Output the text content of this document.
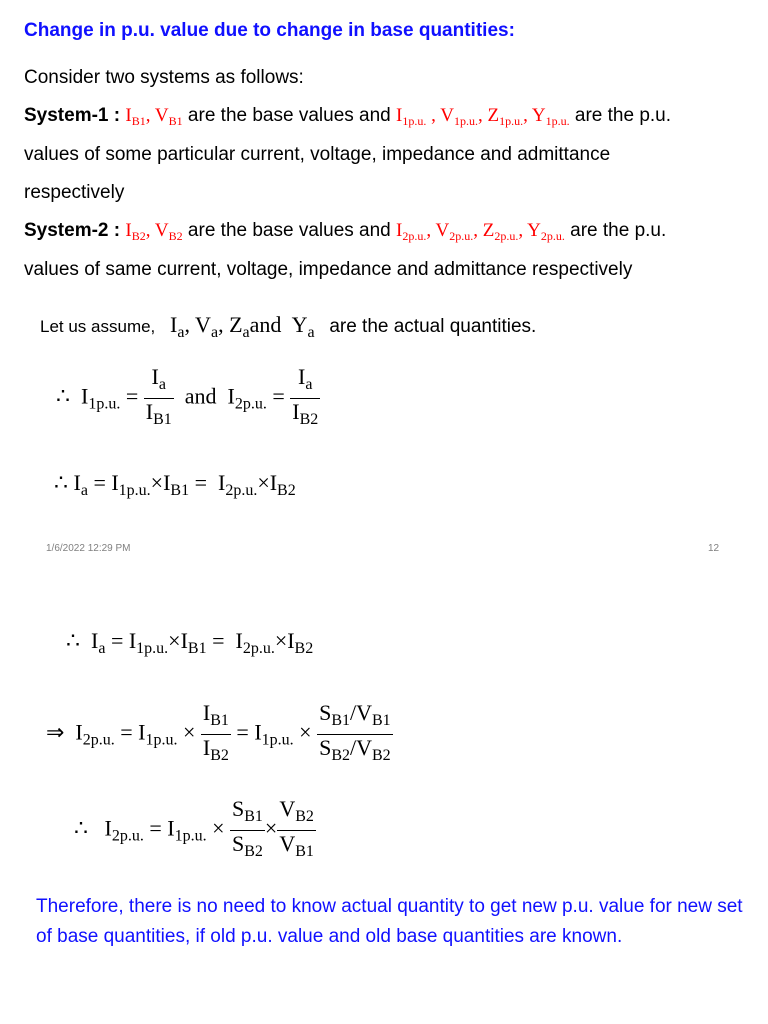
Change in p.u. value due to change in base quantities:
Consider two systems as follows:
System-1 : $I_{B1}$, $V_{B1}$ are the base values and $I_{1p.u.}$ , $V_{1p.u.}$, $Z_{1p.u.}$, $Y_{1p.u.}$ are the p.u.
values of some particular current, voltage, impedance and admittance
respectively
System-2 : $I_{B2}$, $V_{B2}$ are the base values and $I_{2p.u.}$, $V_{2p.u.}$, $Z_{2p.u.}$, $Y_{2p.u.}$ are the p.u.
values of same current, voltage, impedance and admittance respectively
Let us assume, $I_a$, $V_a$, $Z_aand$  $Y_a$ are the actual quantities.
∴  $I_{1p.u.} = \frac{I_a}{I_{B1}}$ and  $I_{2p.u.} = \frac{I_a}{I_{B2}}$
∴ $I_a = I_{1p.u.}\times I_{B1} = I_{2p.u.}\times I_{B2}$
1/6/2022 12:29 PM	12
∴  $I_a = I_{1p.u.}\times I_{B1} = I_{2p.u.}\times I_{B2}$
⇒  $I_{2p.u.} = I_{1p.u.} \times \frac{I_{B1}}{I_{B2}} = I_{1p.u.} \times \frac{S_{B1}/V_{B1}}{S_{B2}/V_{B2}}$
∴   $I_{2p.u.} = I_{1p.u.} \times \frac{S_{B1}}{S_{B2}} \times \frac{V_{B2}}{V_{B1}}$
Therefore, there is no need to know actual quantity to get new p.u. value for new set of base quantities, if old p.u. value and old base quantities are known.
